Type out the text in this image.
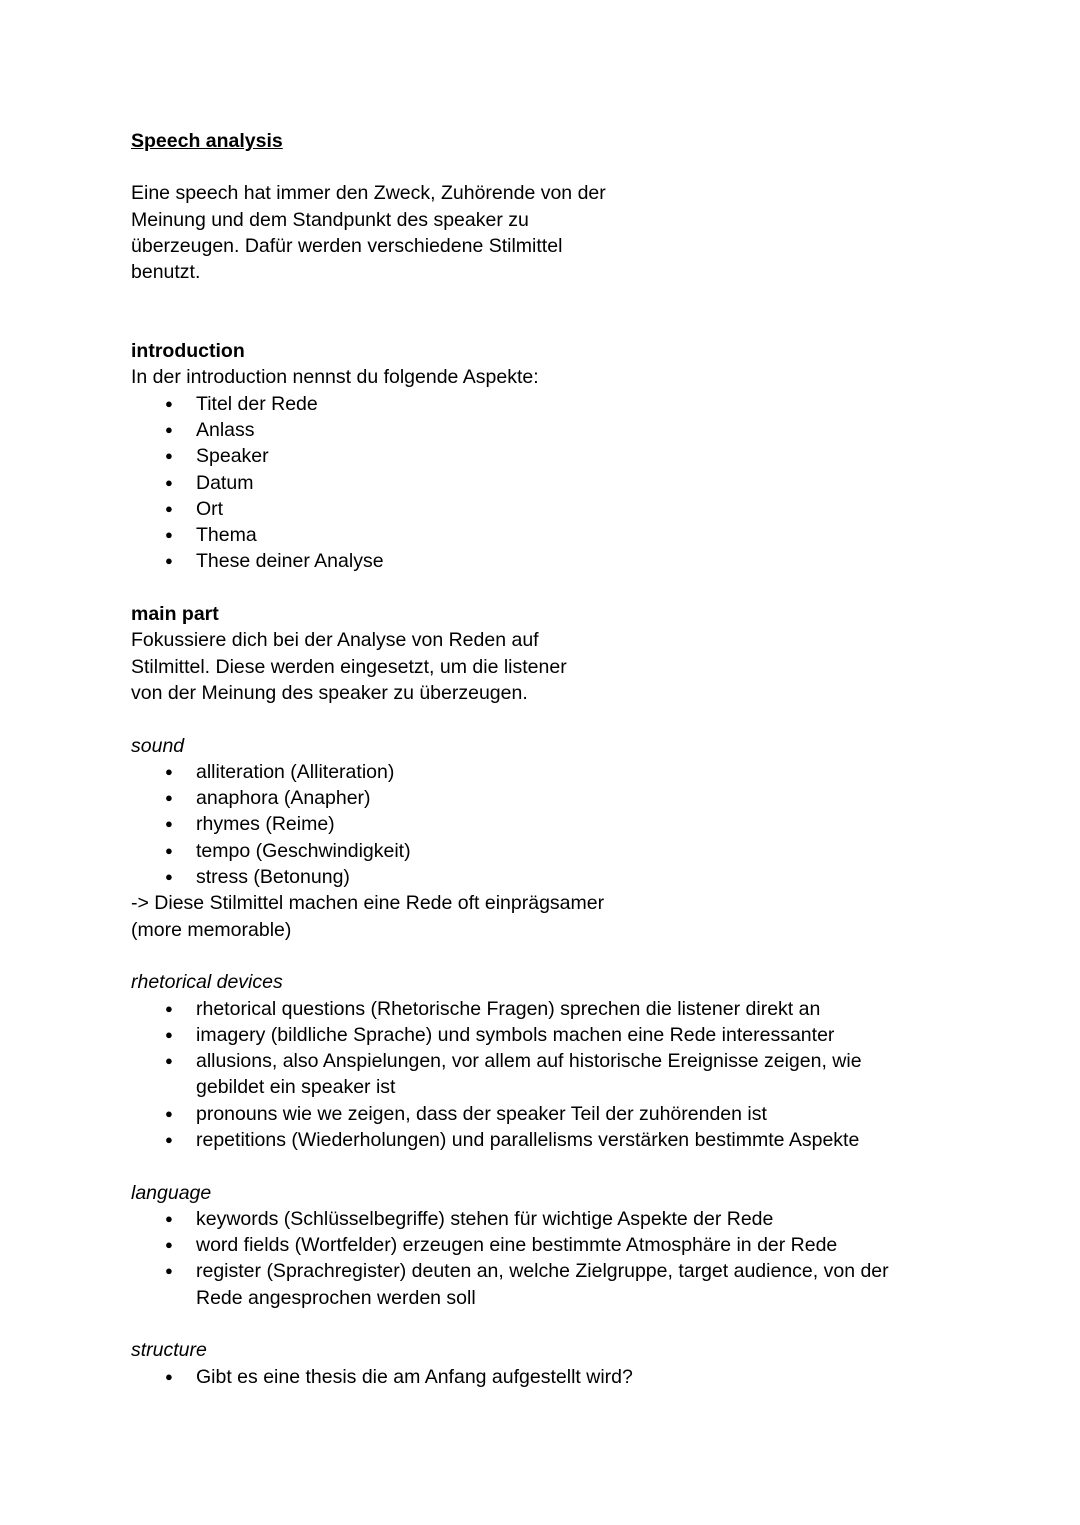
Speech analysis

Eine speech hat immer den Zweck, Zuhörende von der
Meinung und dem Standpunkt des speaker zu
überzeugen. Dafür werden verschiedene Stilmittel
benutzt.
introduction
In der introduction nennst du folgende Aspekte:
● Titel der Rede
● Anlass
● Speaker
● Datum
● Ort
● Thema
● These deiner Analyse
main part
Fokussiere dich bei der Analyse von Reden auf
Stilmittel. Diese werden eingesetzt, um die listener
von der Meinung des speaker zu überzeugen.
sound
● alliteration (Alliteration)
● anaphora (Anapher)
● rhymes (Reime)
● tempo (Geschwindigkeit)
● stress (Betonung)
-> Diese Stilmittel machen eine Rede oft einprägsamer
(more memorable)
rhetorical devices
● rhetorical questions (Rhetorische Fragen) sprechen die listener direkt an
● imagery (bildliche Sprache) und symbols machen eine Rede interessanter
● allusions, also Anspielungen, vor allem auf historische Ereignisse zeigen, wie gebildet ein speaker ist
● pronouns wie we zeigen, dass der speaker Teil der zuhörenden ist
● repetitions (Wiederholungen) und parallelisms verstärken bestimmte Aspekte
language
● keywords (Schlüsselbegriffe) stehen für wichtige Aspekte der Rede
● word fields (Wortfelder) erzeugen eine bestimmte Atmosphäre in der Rede
● register (Sprachregister) deuten an, welche Zielgruppe, target audience, von der Rede angesprochen werden soll
structure
● Gibt es eine thesis die am Anfang aufgestellt wird?
